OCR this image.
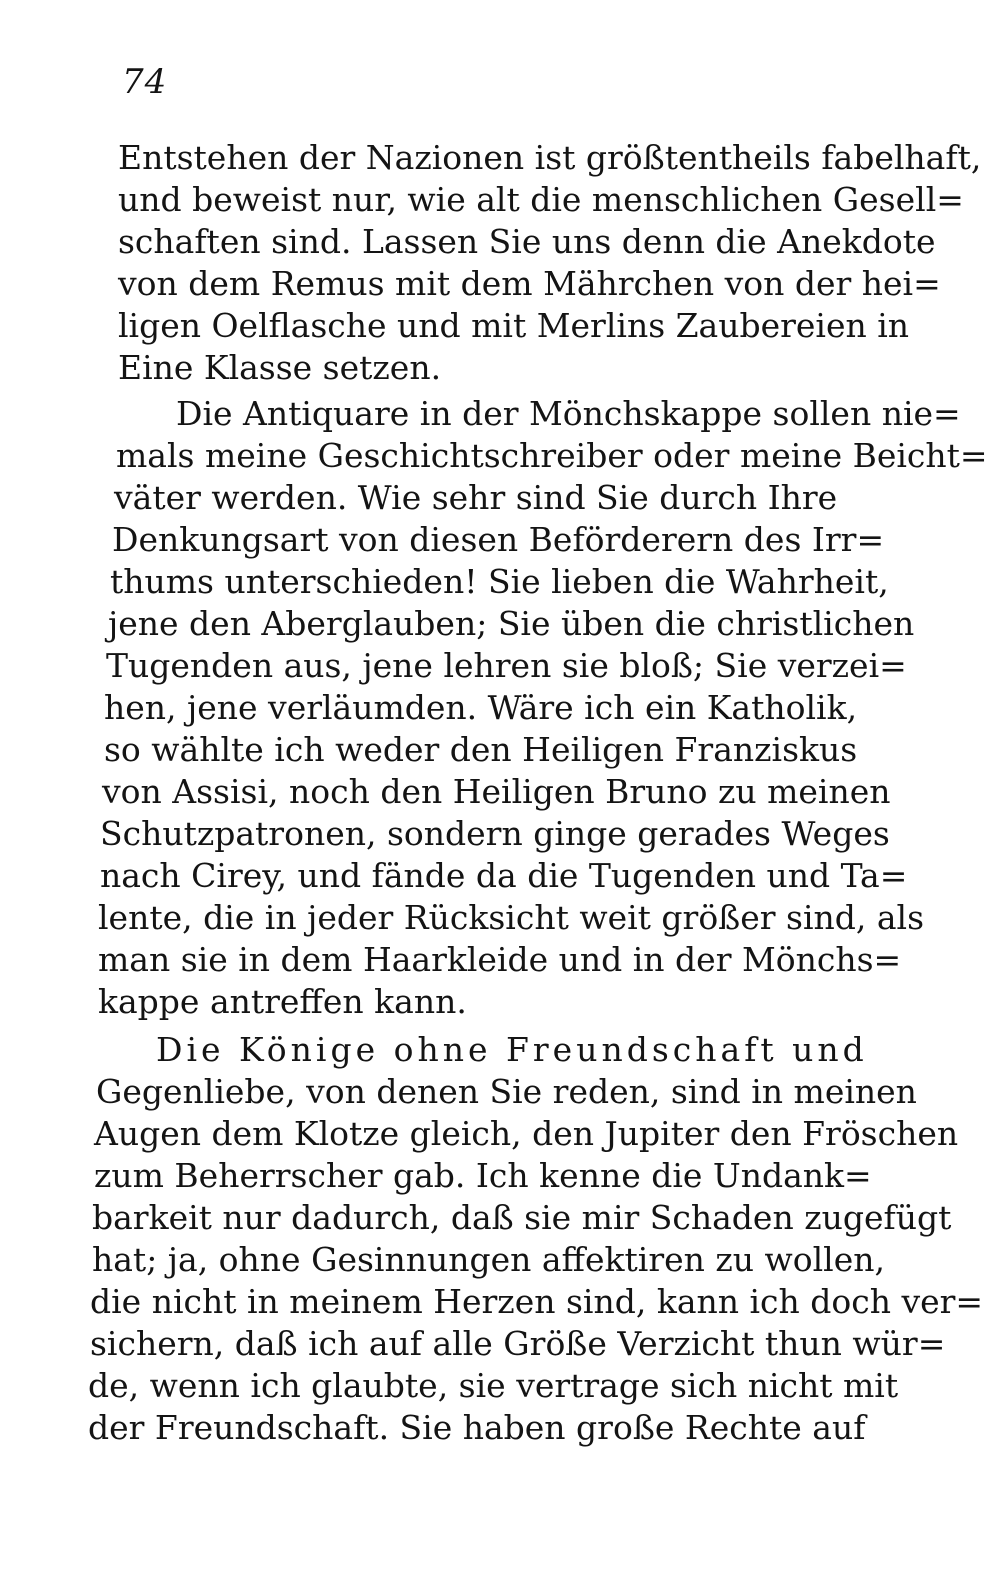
74
Entstehen der Nazionen ist größtentheils fabelhaft,
und beweist nur, wie alt die menschlichen Gesell=
schaften sind. Lassen Sie uns denn die Anekdote
von dem Remus mit dem Mährchen von der hei=
ligen Oelflasche und mit Merlins Zaubereien in
Eine Klasse setzen.
Die Antiquare in der Mönchskappe sollen nie=
mals meine Geschichtschreiber oder meine Beicht=
väter werden. Wie sehr sind Sie durch Ihre
Denkungsart von diesen Beförderern des Irr=
thums unterschieden! Sie lieben die Wahrheit,
jene den Aberglauben; Sie üben die christlichen
Tugenden aus, jene lehren sie bloß; Sie verzei=
hen, jene verläumden. Wäre ich ein Katholik,
so wählte ich weder den Heiligen Franziskus
von Assisi, noch den Heiligen Bruno zu meinen
Schutzpatronen, sondern ginge gerades Weges
nach Cirey, und fände da die Tugenden und Ta=
lente, die in jeder Rücksicht weit größer sind, als
man sie in dem Haarkleide und in der Mönchs=
kappe antreffen kann.
Die Könige ohne Freundschaft und
Gegenliebe, von denen Sie reden, sind in meinen
Augen dem Klotze gleich, den Jupiter den Fröschen
zum Beherrscher gab. Ich kenne die Undank=
barkeit nur dadurch, daß sie mir Schaden zugefügt
hat; ja, ohne Gesinnungen affektiren zu wollen,
die nicht in meinem Herzen sind, kann ich doch ver=
sichern, daß ich auf alle Größe Verzicht thun wür=
de, wenn ich glaubte, sie vertrage sich nicht mit
der Freundschaft. Sie haben große Rechte auf
